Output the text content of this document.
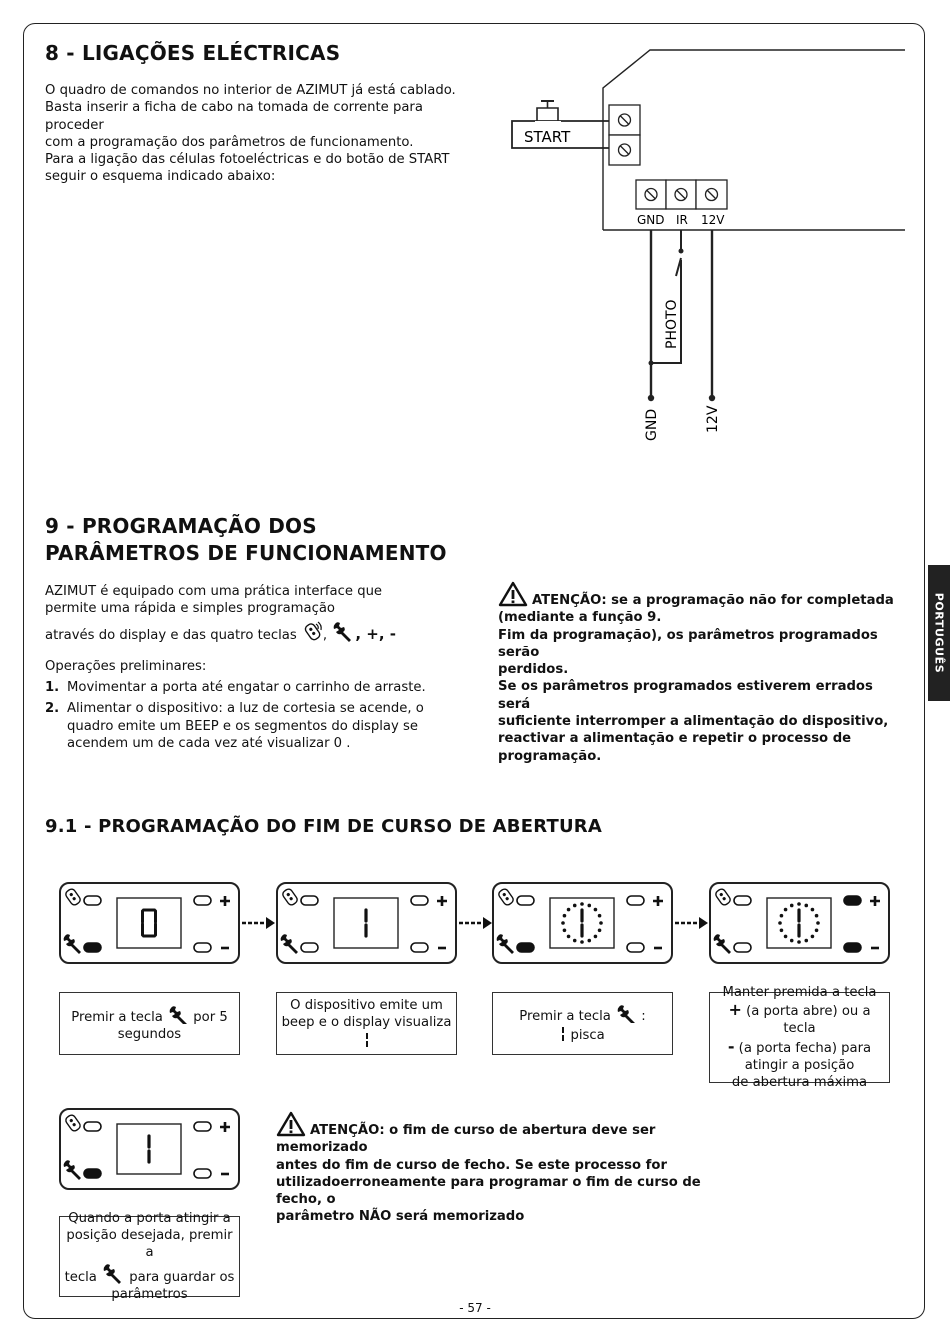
8 - LIGAÇÕES ELÉCTRICAS

O quadro de comandos no interior de AZIMUT já está cablado.

Basta inserir a ficha de cabo na tomada de corrente para proceder

com a programação dos parâmetros de funcionamento.

Para a ligação das células fotoeléctricas e do botão de START

seguir o esquema indicado abaixo:

START
GND IR 12V
PHOTO
GND	12V
9 - PROGRAMAÇÃO DOS
PARÂMETROS DE FUNCIONAMENTO

AZIMUT é equipado com uma prática interface que

permite uma rápida e simples programação

através do display e das quatro teclas , , +, -

Operações preliminares:

1. Movimentar a porta até engatar o carrinho de arraste.
2. Alimentar o dispositivo: a luz de cortesia se acende, o quadro emite um BEEP e os segmentos do display se acendem um de cada vez até visualizar 0 .
ATENÇÃO: se a programação não for completada
(mediante a função 9.
Fim da programação), os parâmetros programados serão
perdidos.
Se os parâmetros programados estiverem errados será
suficiente interromper a alimentação do dispositivo,
reactivar a alimentação e repetir o processo de
programação.
PORTUGUÊS
9.1 - PROGRAMAÇÃO DO FIM DE CURSO DE ABERTURA
Premir a tecla por 5
segundos
O dispositivo emite um
beep e o display visualiza	Premir a tecla :
pisca
Manter premida a tecla
+ (a porta abre) ou a tecla
- (a porta fecha) para
atingir a posição
de abertura máxima
Quando a porta atingir a
posição desejada, premir a
tecla para guardar os
parâmetros
ATENÇÃO: o fim de curso de abertura deve ser memorizado
antes do fim de curso de fecho. Se este processo for
utilizadoerroneamente para programar o fim de curso de fecho, o
parâmetro NÃO será memorizado
- 57 -
